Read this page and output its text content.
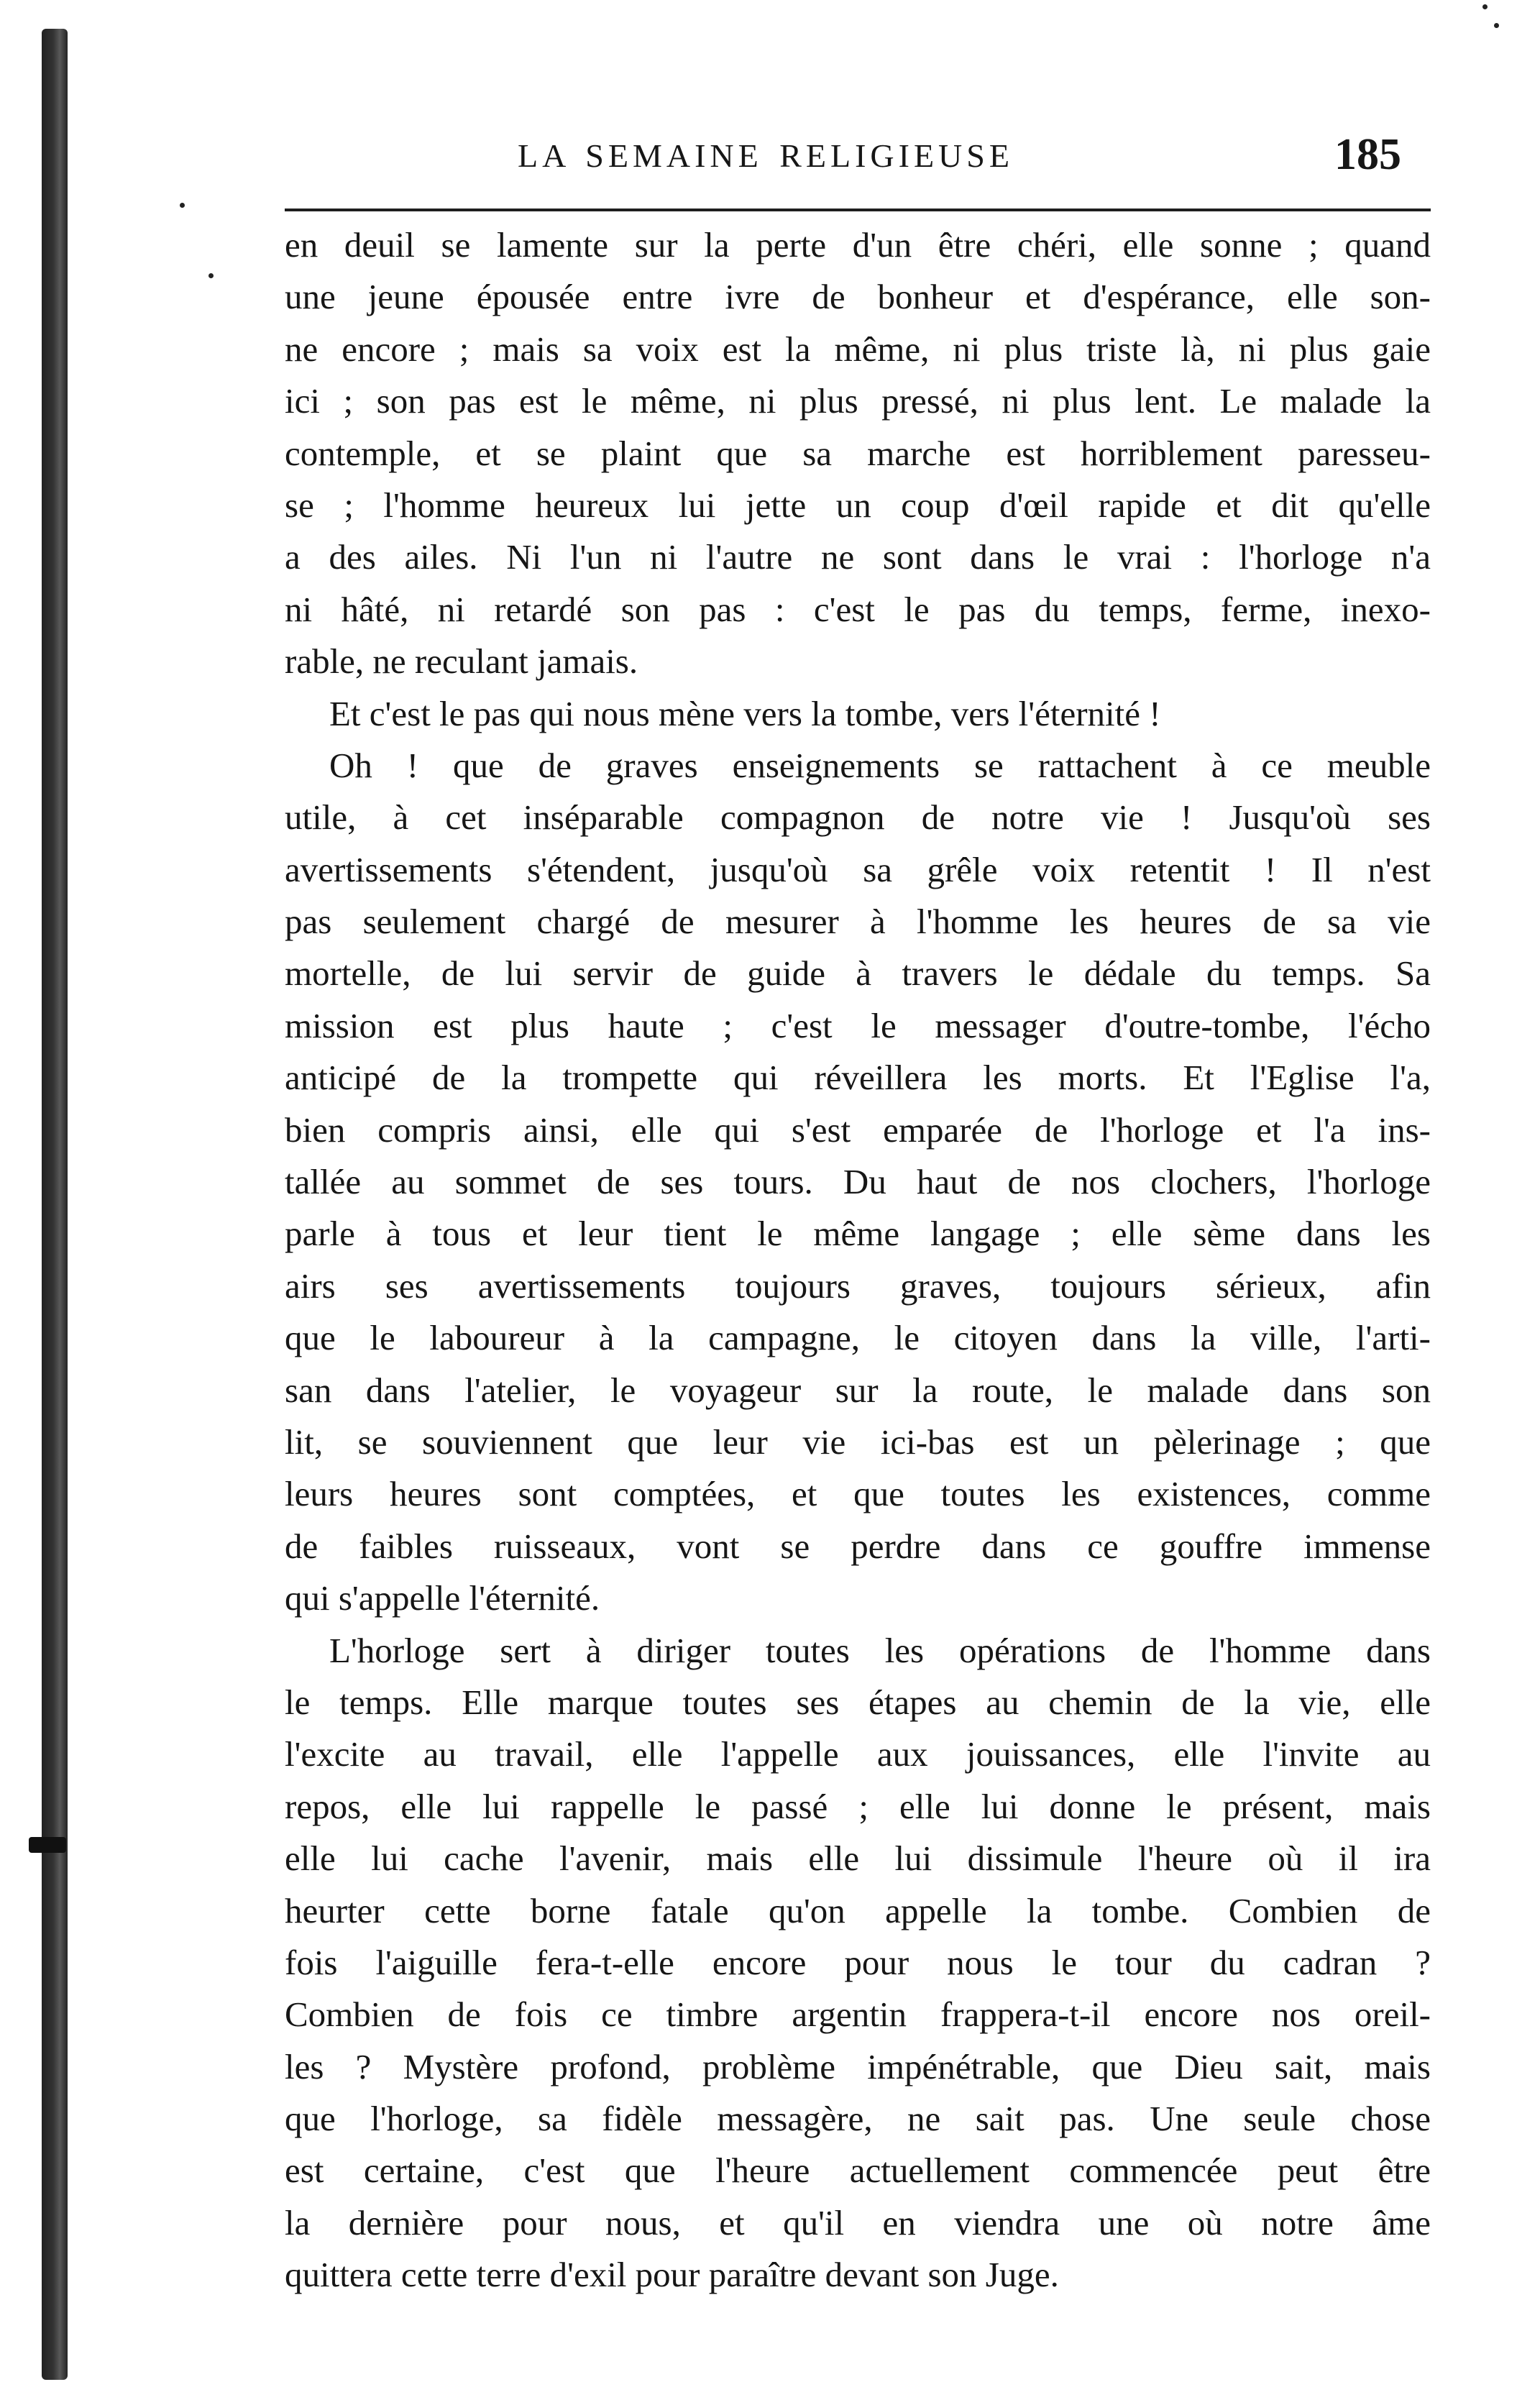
LA SEMAINE RELIGIEUSE	185
en deuil se lamente sur la perte d'un être chéri, elle sonne ; quand
une jeune épousée entre ivre de bonheur et d'espérance, elle son-
ne encore ; mais sa voix est la même, ni plus triste là, ni plus gaie
ici ; son pas est le même, ni plus pressé, ni plus lent. Le malade la
contemple, et se plaint que sa marche est horriblement paresseu-
se ; l'homme heureux lui jette un coup d'œil rapide et dit qu'elle
a des ailes. Ni l'un ni l'autre ne sont dans le vrai : l'horloge n'a
ni hâté, ni retardé son pas : c'est le pas du temps, ferme, inexo-
rable, ne reculant jamais.
Et c'est le pas qui nous mène vers la tombe, vers l'éternité !
Oh ! que de graves enseignements se rattachent à ce meuble
utile, à cet inséparable compagnon de notre vie ! Jusqu'où ses
avertissements s'étendent, jusqu'où sa grêle voix retentit ! Il n'est
pas seulement chargé de mesurer à l'homme les heures de sa vie
mortelle, de lui servir de guide à travers le dédale du temps. Sa
mission est plus haute ; c'est le messager d'outre-tombe, l'écho
anticipé de la trompette qui réveillera les morts. Et l'Eglise l'a,
bien compris ainsi, elle qui s'est emparée de l'horloge et l'a ins-
tallée au sommet de ses tours. Du haut de nos clochers, l'horloge
parle à tous et leur tient le même langage ; elle sème dans les
airs ses avertissements toujours graves, toujours sérieux, afin
que le laboureur à la campagne, le citoyen dans la ville, l'arti-
san dans l'atelier, le voyageur sur la route, le malade dans son
lit, se souviennent que leur vie ici-bas est un pèlerinage ; que
leurs heures sont comptées, et que toutes les existences, comme
de faibles ruisseaux, vont se perdre dans ce gouffre immense
qui s'appelle l'éternité.
L'horloge sert à diriger toutes les opérations de l'homme dans
le temps. Elle marque toutes ses étapes au chemin de la vie, elle
l'excite au travail, elle l'appelle aux jouissances, elle l'invite au
repos, elle lui rappelle le passé ; elle lui donne le présent, mais
elle lui cache l'avenir, mais elle lui dissimule l'heure où il ira
heurter cette borne fatale qu'on appelle la tombe. Combien de
fois l'aiguille fera-t-elle encore pour nous le tour du cadran ?
Combien de fois ce timbre argentin frappera-t-il encore nos oreil-
les ? Mystère profond, problème impénétrable, que Dieu sait, mais
que l'horloge, sa fidèle messagère, ne sait pas. Une seule chose
est certaine, c'est que l'heure actuellement commencée peut être
la dernière pour nous, et qu'il en viendra une où notre âme
quittera cette terre d'exil pour paraître devant son Juge.
